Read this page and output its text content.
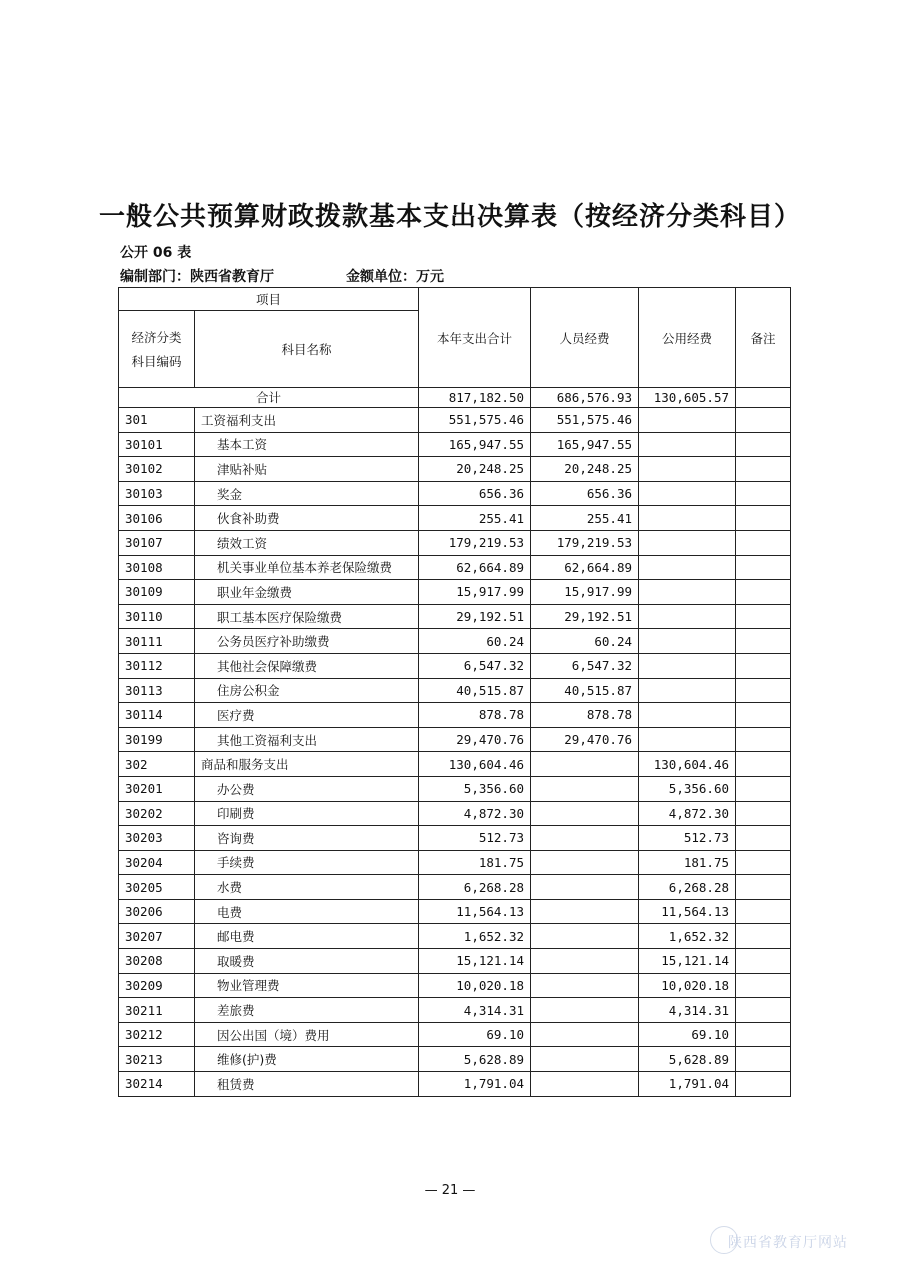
一般公共预算财政拨款基本支出决算表（按经济分类科目）
公开 06 表
编制部门：陕西省教育厅	金额单位：万元
项目		本年支出合计	人员经费	公用经费	备注

经济分类
科目编码	科目名称				
合计		817,182.50	686,576.93	130,605.57	
301	工资福利支出	551,575.46	551,575.46		
30101	基本工资	165,947.55	165,947.55		
30102	津贴补贴	20,248.25	20,248.25		
30103	奖金	656.36	656.36		
30106	伙食补助费	255.41	255.41		
30107	绩效工资	179,219.53	179,219.53		
30108	机关事业单位基本养老保险缴费	62,664.89	62,664.89		
30109	职业年金缴费	15,917.99	15,917.99		
30110	职工基本医疗保险缴费	29,192.51	29,192.51		
30111	公务员医疗补助缴费	60.24	60.24		
30112	其他社会保障缴费	6,547.32	6,547.32		
30113	住房公积金	40,515.87	40,515.87		
30114	医疗费	878.78	878.78		
30199	其他工资福利支出	29,470.76	29,470.76		
302	商品和服务支出	130,604.46		130,604.46	
30201	办公费	5,356.60		5,356.60	
30202	印刷费	4,872.30		4,872.30	
30203	咨询费	512.73		512.73	
30204	手续费	181.75		181.75	
30205	水费	6,268.28		6,268.28	
30206	电费	11,564.13		11,564.13	
30207	邮电费	1,652.32		1,652.32	
30208	取暖费	15,121.14		15,121.14	
30209	物业管理费	10,020.18		10,020.18	
30211	差旅费	4,314.31		4,314.31	
30212	因公出国（境）费用	69.10		69.10	
30213	维修(护)费	5,628.89		5,628.89	
30214	租赁费	1,791.04		1,791.04	
— 21 —
陕西省教育厅网站
